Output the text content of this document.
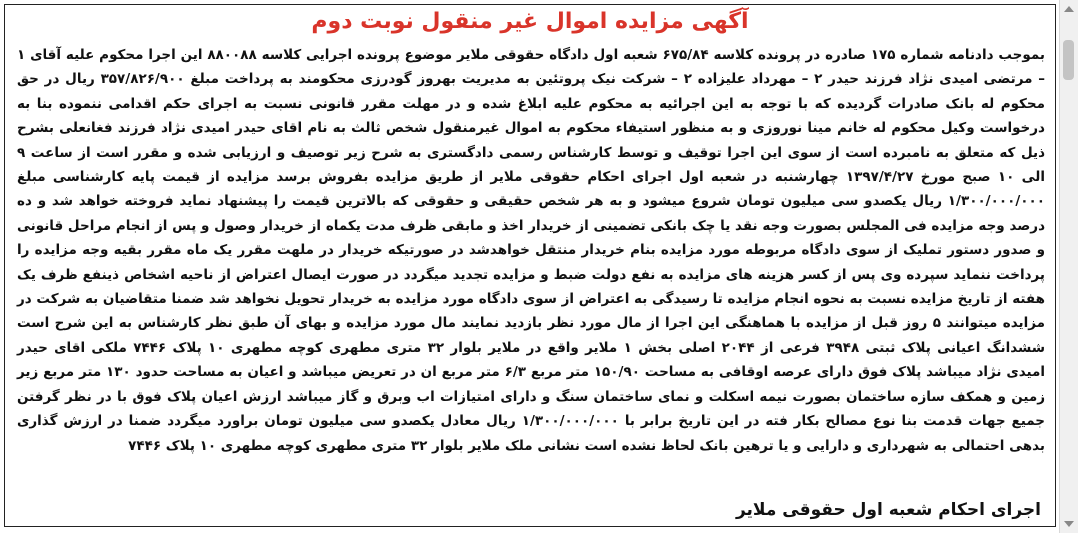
آگهی مزایده اموال غیر منقول نوبت دوم

بموجب دادنامه شماره ۱۷۵ صادره در پرونده کلاسه ۶۷۵/۸۴ شعبه اول دادگاه حقوقی ملایر موضوع پرونده اجرایی کلاسه ۸۸۰۰۸۸ این اجرا محکوم علیه آقای ۱ – مرتضی امیدی نژاد فرزند حیدر ۲ – مهرداد علیزاده ۲ – شرکت نیک پروتئین به مدیریت بهروز گودرزی محکومند به پرداخت مبلغ ۳۵۷/۸۲۶/۹۰۰ ریال در حق محکوم له بانک صادرات گردیده که با توجه به این اجرائیه به محکوم علیه ابلاغ شده و در مهلت مقرر قانونی نسبت به اجرای حکم اقدامی ننموده بنا به درخواست وکیل محکوم له خانم مینا نوروزی و به منظور استیفاء محکوم به اموال غیرمنقول شخص ثالث به نام اقای حیدر امیدی نژاد فرزند فغانعلی بشرح ذیل که متعلق به نامبرده است از سوی این اجرا توقیف و توسط کارشناس رسمی دادگستری به شرح زیر توصیف و ارزیابی شده و مقرر است از ساعت ۹ الی ۱۰ صبح مورخ ۱۳۹۷/۴/۲۷ چهارشنبه در شعبه اول اجرای احکام حقوقی ملایر از طریق مزایده بفروش برسد مزایده از قیمت پایه کارشناسی مبلغ ۱/۳۰۰/۰۰۰/۰۰۰ ریال یکصدو سی میلیون تومان شروع میشود و به هر شخص حقیقی و حقوقی که بالاترین قیمت را پیشنهاد نماید فروخته خواهد شد و ده درصد وجه مزایده فی المجلس بصورت وجه نقد یا چک بانکی تضمینی از خریدار اخذ و مابقی ظرف مدت یکماه از خریدار وصول و پس از انجام مراحل قانونی و صدور دستور تملیک از سوی دادگاه مربوطه مورد مزایده بنام خریدار منتقل خواهدشد در صورتیکه خریدار در ملهت مقرر یک ماه مقرر بقیه وجه مزایده را پرداخت ننماید سپرده وی پس از کسر هزینه های مزایده به نفع دولت ضبط و مزایده تجدید میگردد در صورت ایصال اعتراض از ناحیه اشخاص ذینفع ظرف یک هفته از تاریخ مزایده نسبت به نحوه انجام مزایده تا رسیدگی به اعتراض از سوی دادگاه مورد مزایده به خریدار تحویل نخواهد شد ضمنا متقاضیان به شرکت در مزایده میتوانند ۵ روز قبل از مزایده با هماهنگی این اجرا از مال مورد نظر بازدید نمایند مال مورد مزایده و بهای آن طبق نظر کارشناس به این شرح است ششدانگ اعیانی پلاک ثبتی ۳۹۴۸ فرعی از ۲۰۴۴ اصلی بخش ۱ ملایر واقع در ملایر بلوار ۳۲ متری مطهری کوچه مطهری ۱۰ پلاک ۷۴۴۶ ملکی اقای حیدر امیدی نژاد میباشد پلاک فوق دارای عرصه اوقافی به مساحت ۱۵۰/۹۰ متر مربع ۶/۳ متر مربع ان در تعریض میباشد و اعیان به مساحت حدود ۱۳۰ متر مربع زیر زمین و همکف سازه ساختمان بصورت نیمه اسکلت و نمای ساختمان سنگ و دارای امتیازات اب وبرق و گاز میباشد ارزش اعیان پلاک فوق با در نظر گرفتن جمیع جهات قدمت بنا نوع مصالح بکار فته در این تاریخ برابر با ۱/۳۰۰/۰۰۰/۰۰۰ ریال معادل یکصدو سی میلیون تومان براورد میگردد ضمنا در ارزش گذاری بدهی احتمالی به شهرداری و دارایی و یا ترهین بانک لحاظ نشده است نشانی ملک ملایر بلوار ۳۲ متری مطهری کوچه مطهری ۱۰ پلاک ۷۴۴۶

اجرای احکام شعبه اول حقوقی ملایر
